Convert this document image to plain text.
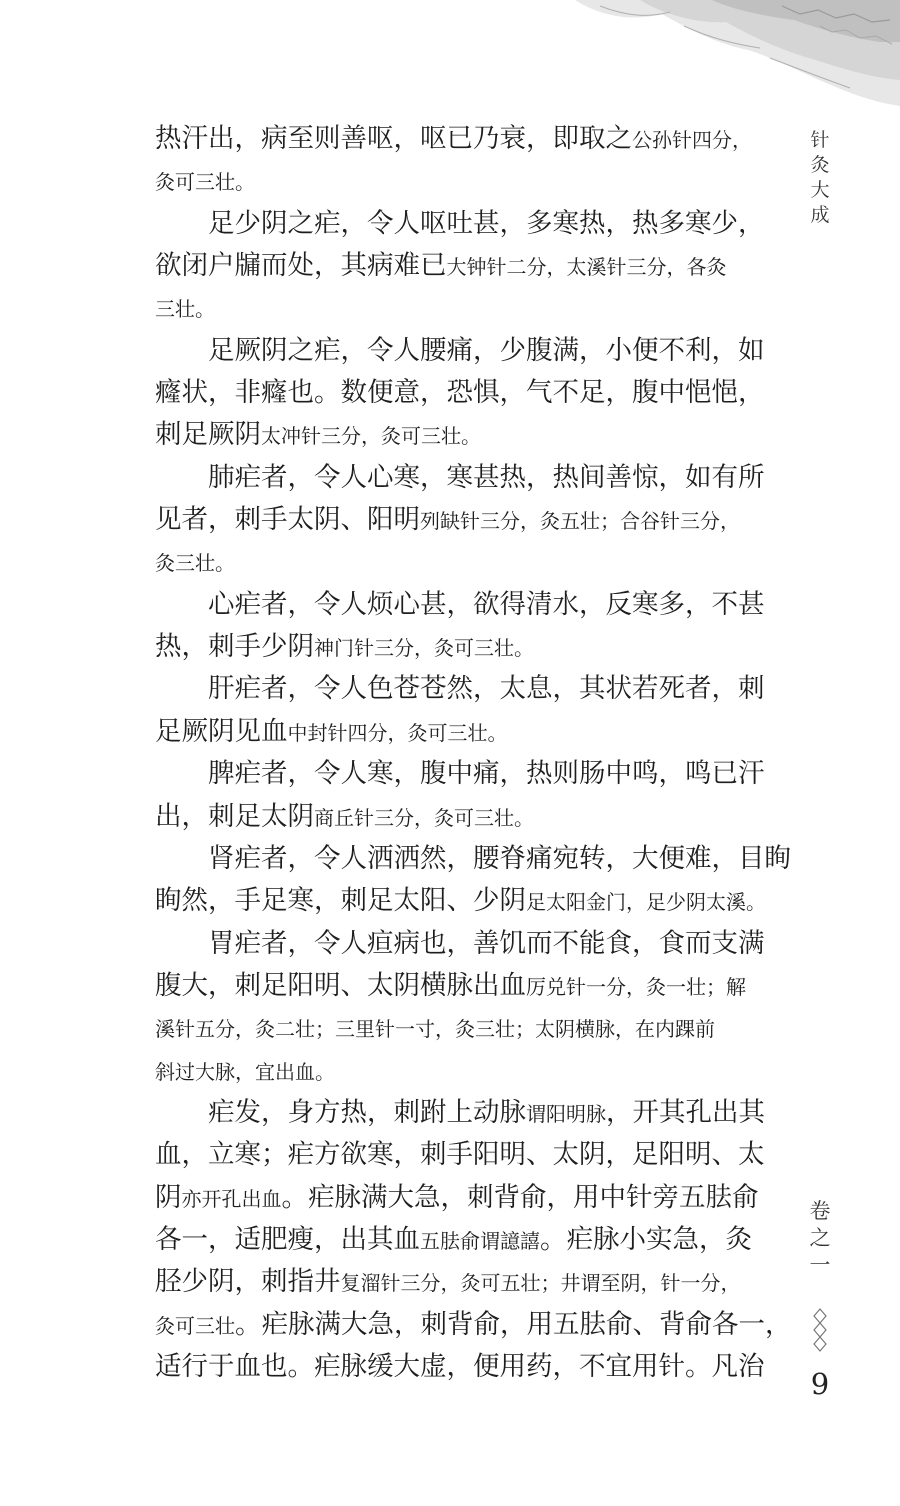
针灸大成
热汗出，病至则善呕，呕已乃衰，即取之公孙针四分，
灸可三壮。
足少阴之疟，令人呕吐甚，多寒热，热多寒少，
欲闭户牖而处，其病难已大钟针二分，太溪针三分，各灸
三壮。
足厥阴之疟，令人腰痛，少腹满，小便不利，如
癃状，非癃也。数便意，恐惧，气不足，腹中悒悒，
刺足厥阴太冲针三分，灸可三壮。
肺疟者，令人心寒，寒甚热，热间善惊，如有所
见者，刺手太阴、阳明列缺针三分，灸五壮；合谷针三分，
灸三壮。
心疟者，令人烦心甚，欲得清水，反寒多，不甚
热，刺手少阴神门针三分，灸可三壮。
肝疟者，令人色苍苍然，太息，其状若死者，刺
足厥阴见血中封针四分，灸可三壮。
脾疟者，令人寒，腹中痛，热则肠中鸣，鸣已汗
出，刺足太阴商丘针三分，灸可三壮。
肾疟者，令人洒洒然，腰脊痛宛转，大便难，目眴
眴然，手足寒，刺足太阳、少阴足太阳金门，足少阴太溪。
胃疟者，令人疸病也，善饥而不能食，食而支满
腹大，刺足阳明、太阴横脉出血厉兑针一分，灸一壮；解
溪针五分，灸二壮；三里针一寸，灸三壮；太阴横脉，在内踝前
斜过大脉，宜出血。
疟发，身方热，刺跗上动脉谓阳明脉，开其孔出其
血，立寒；疟方欲寒，刺手阳明、太阴，足阳明、太
阴亦开孔出血。疟脉满大急，刺背俞，用中针旁五胠俞
各一，适肥瘦，出其血五胠俞谓譩譆。疟脉小实急，灸
胫少阴，刺指井复溜针三分，灸可五壮；井谓至阴，针一分，
灸可三壮。疟脉满大急，刺背俞，用五胠俞、背俞各一，
适行于血也。疟脉缓大虚，便用药，不宜用针。凡治
卷之一
9
